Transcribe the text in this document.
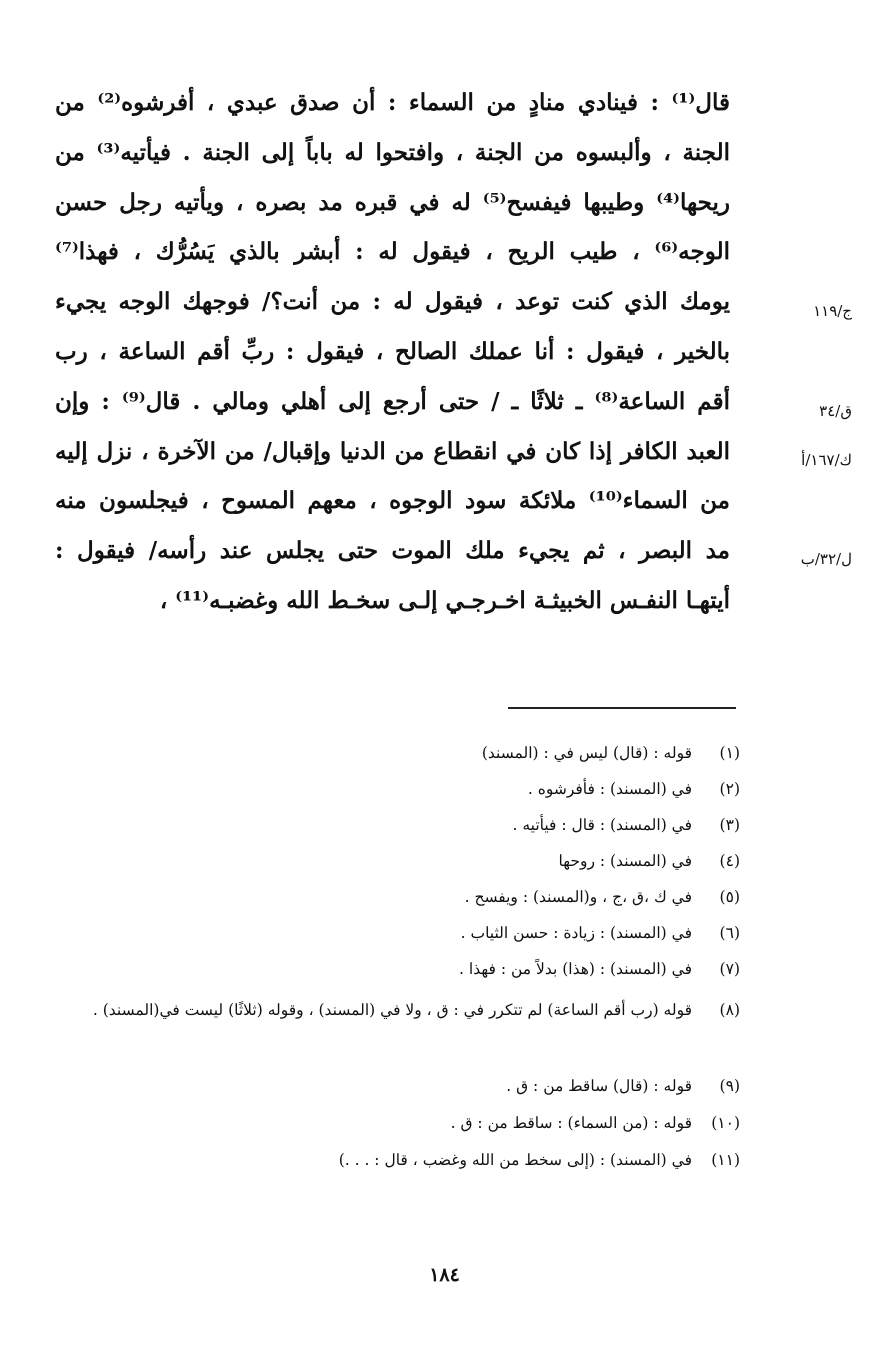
قال⁽¹⁾ : فينادي منادٍ من السماء : أن صدق عبدي ، أفرشوه⁽²⁾ من
الجنة ، وألبسوه من الجنة ، وافتحوا له باباً إلى الجنة . فيأتيه⁽³⁾ من
ريحها⁽⁴⁾ وطيبها فيفسح⁽⁵⁾ له في قبره مد بصره ، ويأتيه رجل حسن
الوجه⁽⁶⁾ ، طيب الريح ، فيقول له : أبشر بالذي يَسُرُّك ، فهذا⁽⁷⁾
يومك الذي كنت توعد ، فيقول له : من أنت؟/ فوجهك الوجه يجيء
بالخير ، فيقول : أنا عملك الصالح ، فيقول : ربِّ أقم الساعة ، رب
أقم الساعة⁽⁸⁾ ـ ثلاثًا ـ / حتى أرجع إلى أهلي ومالي . قال⁽⁹⁾ : وإن
العبد الكافر إذا كان في انقطاع من الدنيا وإقبال/ من الآخرة ، نزل إليه
من السماء⁽¹⁰⁾ ملائكة سود الوجوه ، معهم المسوح ، فيجلسون منه
مد البصر ، ثم يجيء ملك الموت حتى يجلس عند رأسه/ فيقول :
أيتهـا النفـس الخبيثـة اخـرجـي إلـى سخـط الله وغضبـه⁽¹¹⁾ ،
ج/١١٩
ق/٣٤
ك/١٦٧/أ
ل/٣٢/ب
(١)قوله : (قال) ليس في : (المسند)
(٢)في (المسند) : فأفرشوه .
(٣)في (المسند) : قال : فيأتيه .
(٤)في (المسند) : روحها
(٥)في ك ،ق ،ج ، و(المسند) : ويفسح .
(٦)في (المسند) : زيادة : حسن الثياب .
(٧)في (المسند) : (هذا) بدلاً من : فهذا .
(٨)قوله (رب أقم الساعة) لم تتكرر في : ق ، ولا في (المسند) ، وقوله (ثلاثًا) ليست في(المسند) .
(٩)قوله : (قال) ساقط من : ق .
(١٠)قوله : (من السماء) : ساقط من : ق .
(١١)في (المسند) : (إلى سخط من الله وغضب ، قال : . . .)
١٨٤
